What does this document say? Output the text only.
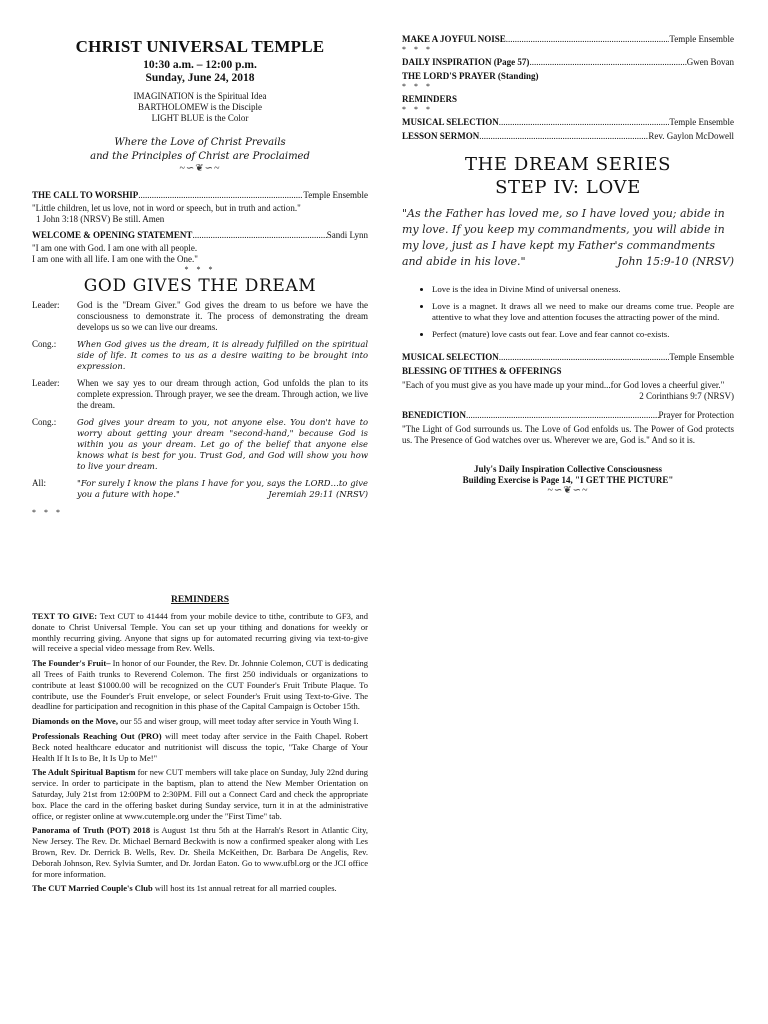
CHRIST UNIVERSAL TEMPLE
10:30 a.m. – 12:00 p.m.
Sunday, June 24, 2018
IMAGINATION is the Spiritual Idea
BARTHOLOMEW is the Disciple
LIGHT BLUE is the Color
Where the Love of Christ Prevails
and the Principles of Christ are Proclaimed
~∽❦∽~
THE CALL TO WORSHIP .....	Temple Ensemble
"Little children, let us love, not in word or speech, but in truth and action."
1 John 3:18 (NRSV) Be still. Amen
WELCOME & OPENING STATEMENT .....	Sandi Lynn
"I am one with God. I am one with all people.
I am one with all life. I am one with the One."
* * *
GOD GIVES THE DREAM
Leader:	God is the "Dream Giver." God gives the dream to us before we have the consciousness to demonstrate it. The process of demonstrating the dream develops us so we can live our dreams.
Cong.:	When God gives us the dream, it is already fulfilled on the spiritual side of life. It comes to us as a desire waiting to be brought into expression.
Leader:	When we say yes to our dream through action, God unfolds the plan to its complete expression. Through prayer, we see the dream. Through action, we live the dream.
Cong.:	God gives your dream to you, not anyone else. You don't have to worry about getting your dream "second-hand," because God is within you as your dream. Let go of the belief that anyone else knows what is best for you. Trust God, and God will show you how to live your dream.
All:	"For surely I know the plans I have for you, says the LORD…to give you a future with hope."	Jeremiah 29:11 (NRSV)
* * *
REMINDERS
TEXT TO GIVE: Text CUT to 41444 from your mobile device to tithe, contribute to GF3, and donate to Christ Universal Temple. You can set up your tithing and donations for weekly or monthly recurring giving. Anyone that signs up for automated recurring giving via text-to-give will receive a special video message from Rev. Wells.
The Founder's Fruit– In honor of our Founder, the Rev. Dr. Johnnie Colemon, CUT is dedicating all Trees of Faith trunks to Reverend Colemon. The first 250 individuals or organizations to contribute at least $1000.00 will be recognized on the CUT Founder's Fruit Tribute Plaque. To contribute, use the Founder's Fruit envelope, or select Founder's Fruit using Text-to-Give. The deadline for participation and recognition in this phase of the Capital Campaign is October 15th.
Diamonds on the Move, our 55 and wiser group, will meet today after service in Youth Wing I.
Professionals Reaching Out (PRO) will meet today after service in the Faith Chapel. Robert Beck noted healthcare educator and nutritionist will discuss the topic, "Take Charge of Your Health If It Is to Be, It Is Up to Me!"
The Adult Spiritual Baptism for new CUT members will take place on Sunday, July 22nd during service. In order to participate in the baptism, plan to attend the New Member Orientation on Saturday, July 21st from 12:00PM to 2:30PM. Fill out a Connect Card and check the appropriate box. Place the card in the offering basket during Sunday service, turn it in at the administrative office, or register online at www.cutemple.org under the "First Time" tab.
Panorama of Truth (POT) 2018 is August 1st thru 5th at the Harrah's Resort in Atlantic City, New Jersey. The Rev. Dr. Michael Bernard Beckwith is now a confirmed speaker along with Les Brown, Rev. Dr. Derrick B. Wells, Rev. Dr. Sheila McKeithen, Dr. Barbara De Angelis, Rev. Deborah Johnson, Rev. Sylvia Sumter, and Dr. Jordan Eaton. Go to www.ufbl.org or the JCI office for more information.
The CUT Married Couple's Club will host its 1st annual retreat for all married couples.
MAKE A JOYFUL NOISE .....	Temple Ensemble
* * *
DAILY INSPIRATION (Page 57) .....	Gwen Bovan
THE LORD'S PRAYER (Standing)
* * *
REMINDERS
* * *
MUSICAL SELECTION .....	Temple Ensemble
LESSON SERMON .....	Rev. Gaylon McDowell
THE DREAM SERIES
STEP IV: LOVE
"As the Father has loved me, so I have loved you; abide in my love. If you keep my commandments, you will abide in my love, just as I have kept my Father's commandments and abide in his love."	John 15:9-10 (NRSV)
• Love is the idea in Divine Mind of universal oneness.
• Love is a magnet. It draws all we need to make our dreams come true. People are attentive to what they love and attention focuses the attracting power of the mind.
• Perfect (mature) love casts out fear. Love and fear cannot co-exists.
MUSICAL SELECTION .....	Temple Ensemble
BLESSING OF TITHES & OFFERINGS
"Each of you must give as you have made up your mind...for God loves a cheerful giver."
2 Corinthians 9:7 (NRSV)
BENEDICTION .....	Prayer for Protection
"The Light of God surrounds us. The Love of God enfolds us. The Power of God protects us. The Presence of God watches over us. Wherever we are, God is." And so it is.
July's Daily Inspiration Collective Consciousness
Building Exercise is Page 14, "I GET THE PICTURE"
~∽❦∽~
